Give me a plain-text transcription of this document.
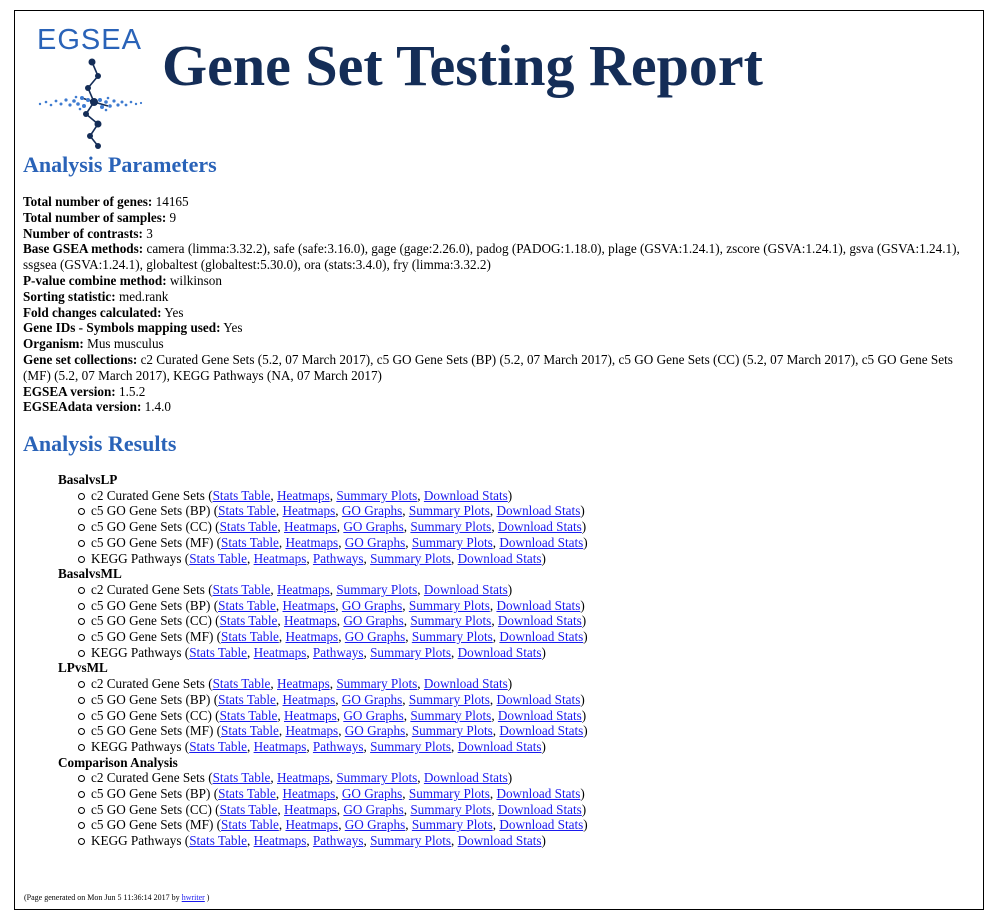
EGSEA Gene Set Testing Report
Analysis Parameters
Total number of genes: 14165
Total number of samples: 9
Number of contrasts: 3
Base GSEA methods: camera (limma:3.32.2), safe (safe:3.16.0), gage (gage:2.26.0), padog (PADOG:1.18.0), plage (GSVA:1.24.1), zscore (GSVA:1.24.1), gsva (GSVA:1.24.1), ssgsea (GSVA:1.24.1), globaltest (globaltest:5.30.0), ora (stats:3.4.0), fry (limma:3.32.2)
P-value combine method: wilkinson
Sorting statistic: med.rank
Fold changes calculated: Yes
Gene IDs - Symbols mapping used: Yes
Organism: Mus musculus
Gene set collections: c2 Curated Gene Sets (5.2, 07 March 2017), c5 GO Gene Sets (BP) (5.2, 07 March 2017), c5 GO Gene Sets (CC) (5.2, 07 March 2017), c5 GO Gene Sets (MF) (5.2, 07 March 2017), KEGG Pathways (NA, 07 March 2017)
EGSEA version: 1.5.2
EGSEAdata version: 1.4.0
Analysis Results
BasalvsLP
c2 Curated Gene Sets (Stats Table, Heatmaps, Summary Plots, Download Stats)
c5 GO Gene Sets (BP) (Stats Table, Heatmaps, GO Graphs, Summary Plots, Download Stats)
c5 GO Gene Sets (CC) (Stats Table, Heatmaps, GO Graphs, Summary Plots, Download Stats)
c5 GO Gene Sets (MF) (Stats Table, Heatmaps, GO Graphs, Summary Plots, Download Stats)
KEGG Pathways (Stats Table, Heatmaps, Pathways, Summary Plots, Download Stats)
BasalvsML
c2 Curated Gene Sets (Stats Table, Heatmaps, Summary Plots, Download Stats)
c5 GO Gene Sets (BP) (Stats Table, Heatmaps, GO Graphs, Summary Plots, Download Stats)
c5 GO Gene Sets (CC) (Stats Table, Heatmaps, GO Graphs, Summary Plots, Download Stats)
c5 GO Gene Sets (MF) (Stats Table, Heatmaps, GO Graphs, Summary Plots, Download Stats)
KEGG Pathways (Stats Table, Heatmaps, Pathways, Summary Plots, Download Stats)
LPvsML
c2 Curated Gene Sets (Stats Table, Heatmaps, Summary Plots, Download Stats)
c5 GO Gene Sets (BP) (Stats Table, Heatmaps, GO Graphs, Summary Plots, Download Stats)
c5 GO Gene Sets (CC) (Stats Table, Heatmaps, GO Graphs, Summary Plots, Download Stats)
c5 GO Gene Sets (MF) (Stats Table, Heatmaps, GO Graphs, Summary Plots, Download Stats)
KEGG Pathways (Stats Table, Heatmaps, Pathways, Summary Plots, Download Stats)
Comparison Analysis
c2 Curated Gene Sets (Stats Table, Heatmaps, Summary Plots, Download Stats)
c5 GO Gene Sets (BP) (Stats Table, Heatmaps, GO Graphs, Summary Plots, Download Stats)
c5 GO Gene Sets (CC) (Stats Table, Heatmaps, GO Graphs, Summary Plots, Download Stats)
c5 GO Gene Sets (MF) (Stats Table, Heatmaps, GO Graphs, Summary Plots, Download Stats)
KEGG Pathways (Stats Table, Heatmaps, Pathways, Summary Plots, Download Stats)
(Page generated on Mon Jun 5 11:36:14 2017 by hwriter )
